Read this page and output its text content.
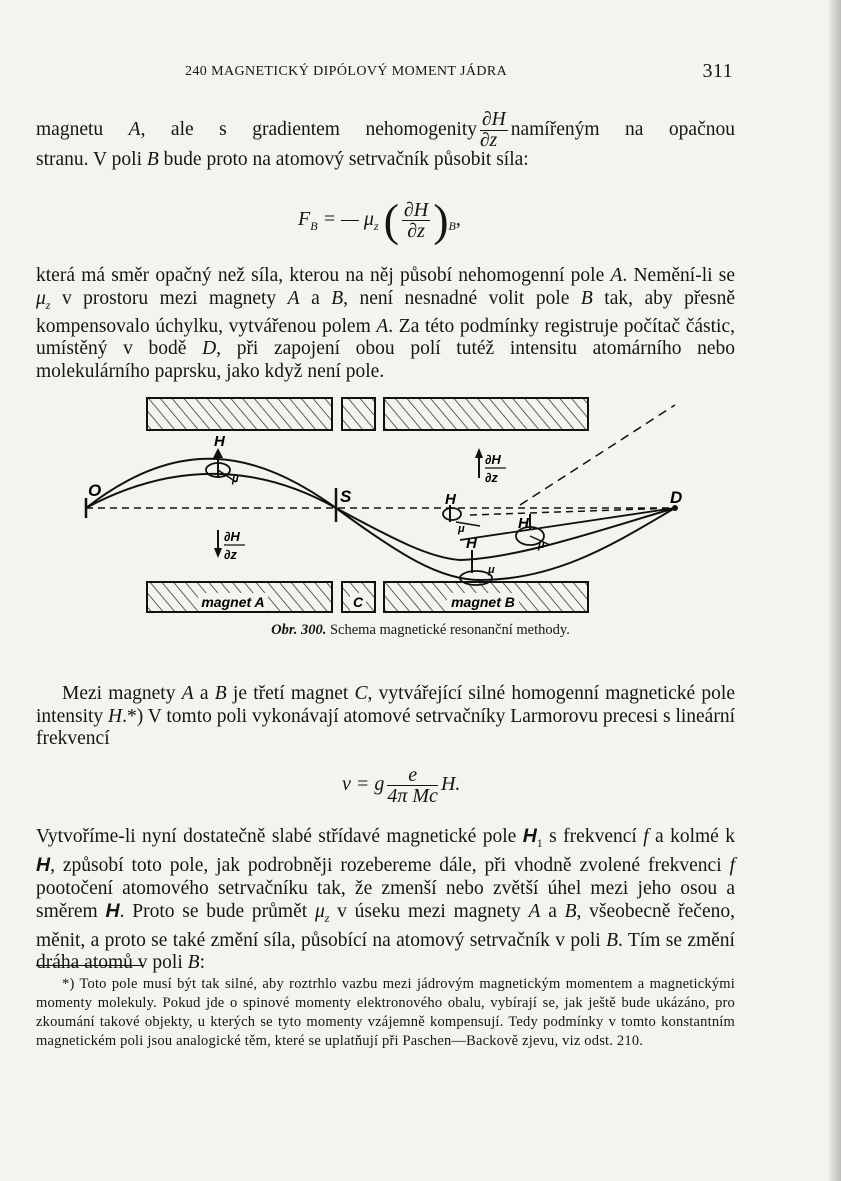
240 MAGNETICKÝ DIPÓLOVÝ MOMENT JÁDRA	311

magnetu A, ale s gradientem nehomogenity $\frac{\partial H}{\partial z}$ namířeným na opačnou

stranu. V poli B bude proto na atomový setrvačník působit síla:

$F_B$ = — $\mu_z$ ( $\frac{\partial H}{\partial z} )_B$,

která má směr opačný než síla, kterou na něj působí nehomogenní pole A. Nemění-li se $\mu_z$ v prostoru mezi magnety A a B, není nesnadné volit pole B tak, aby přesně kompensovalo úchylku, vytvářenou polem A. Za této podmínky registruje počítač částic, umístěný v bodě D, při zapojení obou polí tutéž intensitu atomárního nebo molekulárního paprsku, jako když není pole.

magnet A	C	magnet B
O	S	D
H
μ
H
μ	H
μ
H
μ
∂H
∂z
∂H
∂z
Obr. 300. Schema magnetické resonanční methody.

Mezi magnety A a B je třetí magnet C, vytvářející silné homogenní magnetické pole intensity H.*) V tomto poli vykonávají atomové setrvačníky Larmorovu precesi s lineární frekvencí

ν = g $\frac{e}{\text{4π Mc}} H$.

Vytvoříme-li nyní dostatečně slabé střídavé magnetické pole $H_1$ s frekvencí f a kolmé k H, způsobí toto pole, jak podrobněji rozebereme dále, při vhodně zvolené frekvenci f pootočení atomového setrvačníku tak, že zmenší nebo zvětší úhel mezi jeho osou a směrem H. Proto se bude průmět $\mu_z$ v úseku mezi magnety A a B, všeobecně řečeno, měnit, a proto se také změní síla, působící na atomový setrvačník v poli B. Tím se změní dráha atomů v poli B:

*) Toto pole musí být tak silné, aby roztrhlo vazbu mezi jádrovým magnetickým momentem a magnetickými momenty molekuly. Pokud jde o spinové momenty elektronového obalu, vybírají se, jak ještě bude ukázáno, pro zkoumání takové objekty, u kterých se tyto momenty vzájemně kompensují. Tedy podmínky v tomto konstantním magnetickém poli jsou analogické těm, které se uplatňují při Paschen—Backově zjevu, viz odst. 210.
